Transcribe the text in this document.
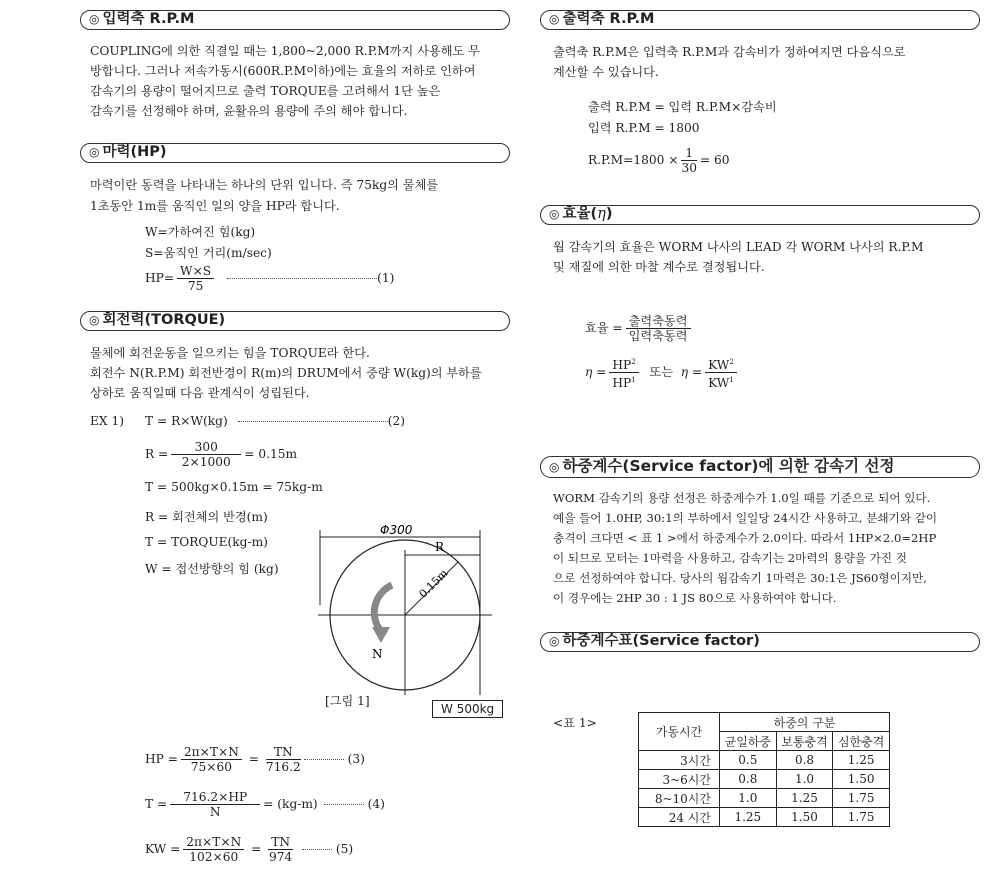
◎ 입력축 R.P.M
COUPLING에 의한 직결일 때는 1,800~2,000 R.P.M까지 사용해도 무
방합니다. 그러나 저속가동시(600R.P.M이하)에는 효율의 저하로 인하여
감속기의 용량이 떨어지므로 출력 TORQUE를 고려해서 1단 높은
감속기를 선정해야 하며, 윤활유의 용량에 주의 해야 합니다.
◎ 마력(HP)
마력이란 동력을 나타내는 하나의 단위 입니다. 즉 75kg의 물체를
1초동안 1m를 움직인 일의 양을 HP라 합니다.
W=가하여진 힘(kg)
S=움직인 거리(m/sec)
$HP= \frac{W\times S}{75}$	(1)
◎ 회전력(TORQUE)
물체에 회전운동을 일으키는 힘을 TORQUE라 한다.
회전수 N(R.P.M) 회전반경이 R(m)의 DRUM에서 중량 W(kg)의 부하를
상하로 움직일때 다음 관계식이 성립된다.
EX 1) T = R×W(kg)	(2)
$R = \frac{300}{2\times 1000} = 0.15m$
T = 500kg×0.15m = 75kg-m
R = 회전체의 반경(m)
T = TORQUE(kg-m)
W = 접선방향의 힘 (kg)
Φ300
R
0.15m
N
[그림 1]
W 500kg
HP = $\frac{2\pi\times T\times N}{75\times 60} = \frac{TN}{716.2}$	(3)
$T = \frac{716.2\times HP}{N} = (kg-m)$	(4)
KW = $\frac{2\pi\times T\times N}{102\times 60} = \frac{TN}{974}$	(5)
◎ 출력축 R.P.M
출력축 R.P.M은 입력축 R.P.M과 감속비가 정하여지면 다음식으로
계산할 수 있습니다.
출력 R.P.M = 입력 R.P.M×감속비
입력 R.P.M = 1800
$R.P.M=1800 \times \frac{1}{30} = 60$
◎ 효율(η)
웜 감속기의 효율은 WORM 나사의 LEAD 각 WORM 나사의 R.P.M
및 재질에 의한 마찰 계수로 결정됩니다.
효율 = $\frac{\text{출력축동력}}{\text{입력축동력}}$
$\eta = \frac{HP^2}{HP^1}$ 또는 $\eta = \frac{KW^2}{KW^1}$
◎ 하중계수(Service factor)에 의한 감속기 선정
WORM 감속기의 용량 선정은 하중계수가 1.0일 때를 기준으로 되어 있다.
예을 들어 1.0HP, 30:1의 부하에서 일일당 24시간 사용하고, 분쇄기와 같이
충격이 크다면 < 표 1 >에서 하중계수가 2.0이다. 따라서 1HP×2.0=2HP
이 되므로 모터는 1마력을 사용하고, 감속기는 2마력의 용량을 가진 것
으로 선정하여야 합니다. 당사의 웜감속기 1마력은 30:1은 JS60형이지만,
이 경우에는 2HP 30 : 1 JS 80으로 사용하여야 합니다.
◎ 하중계수표(Service factor)
<표 1>
가동시간	하중의 구분		
	균일하중	보통충격	심한충격
3시간	0.5	0.8	1.25
3~6시간	0.8	1.0	1.50
8~10시간	1.0	1.25	1.75
24 시간	1.25	1.50	1.75
